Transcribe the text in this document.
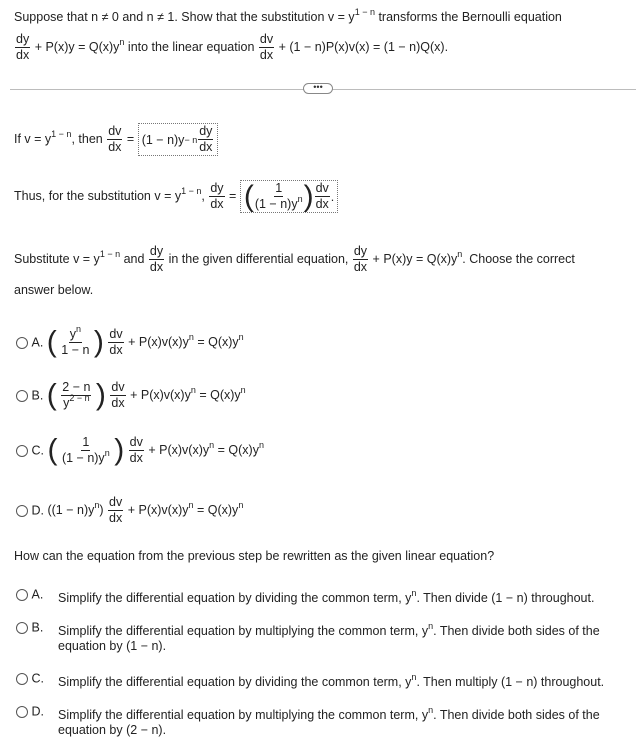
Suppose that n ≠ 0 and n ≠ 1. Show that the substitution $v = y^{1 - n}$ transforms the Bernoulli equation
$\frac{dy}{dx} + P(x)y = Q(x)y^n$ into the linear equation $\frac{dv}{dx} + (1 - n)P(x)v(x) = (1 - n)Q(x)$.
•••
If $v = y^{1 - n}$, then $\frac{dv}{dx} = (1 - n)y - n \frac{dy}{dx}$
Thus, for the substitution $v = y^{1 - n}$, $\frac{dy}{dx}$ = ( $\frac{1}{(1 - n)y^n}$ ) $\frac{dv}{dx}$ .
Substitute $v = y^{1 - n}$ and $\frac{dy}{dx}$ in the given differential equation, $\frac{dy}{dx} + P(x)y = Q(x)y^n$. Choose the correct
answer below.
A. ( $\frac{y^n}{1 - n}$ ) $\frac{dv}{dx} + P(x)v(x)y^n = Q(x)y^n$
B. ( $\frac{2 - n}{y^{2 - n}}$ ) $\frac{dv}{dx} + P(x)v(x)y^n = Q(x)y^n$
C. ( $\frac{1}{(1 - n)y^n}$ ) $\frac{dv}{dx} + P(x)v(x)y^n = Q(x)y^n$
D. $((1 - n)y^n) \frac{dv}{dx} + P(x)v(x)y^n = Q(x)y^n$
How can the equation from the previous step be rewritten as the given linear equation?
A. Simplify the differential equation by dividing the common term, $y^n$. Then divide (1 − n) throughout.
B. Simplify the differential equation by multiplying the common term, $y^n$. Then divide both sides of the equation by (1 − n).
C. Simplify the differential equation by dividing the common term, $y^n$. Then multiply (1 − n) throughout.
D. Simplify the differential equation by multiplying the common term, $y^n$. Then divide both sides of the equation by (2 − n).
